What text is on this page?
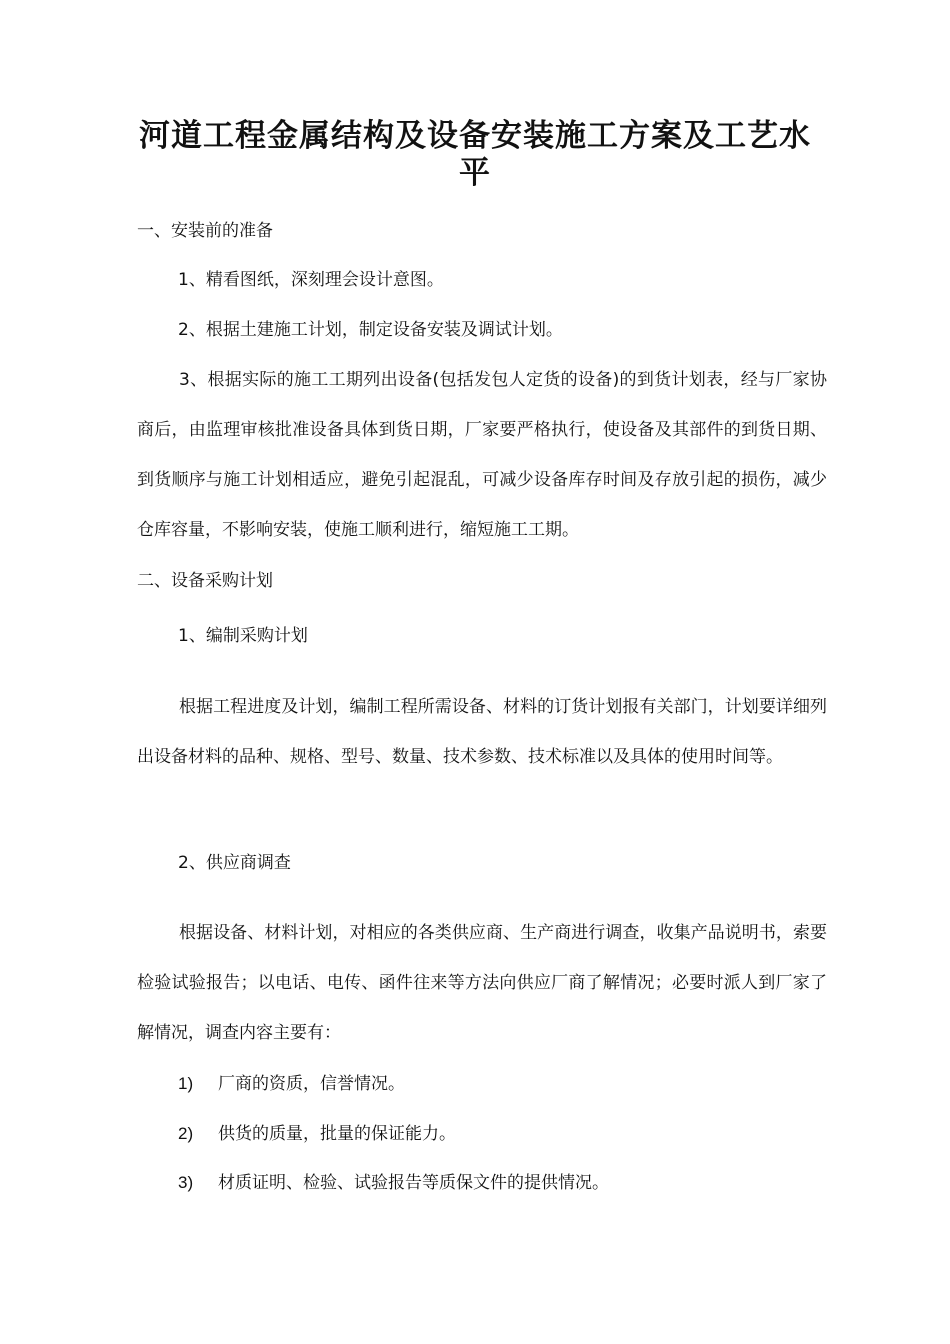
河道工程金属结构及设备安装施工方案及工艺水
平

一、安装前的准备

1、精看图纸，深刻理会设计意图。

2、根据土建施工计划，制定设备安装及调试计划。

3、根据实际的施工工期列出设备(包括发包人定货的设备)的到货计划表，经与厂家协商后，由监理审核批准设备具体到货日期，厂家要严格执行，使设备及其部件的到货日期、到货顺序与施工计划相适应，避免引起混乱，可减少设备库存时间及存放引起的损伤，减少仓库容量，不影响安装，使施工顺利进行，缩短施工工期。

二、设备采购计划

1、编制采购计划

根据工程进度及计划，编制工程所需设备、材料的订货计划报有关部门，计划要详细列出设备材料的品种、规格、型号、数量、技术参数、技术标准以及具体的使用时间等。

2、供应商调查

根据设备、材料计划，对相应的各类供应商、生产商进行调查，收集产品说明书，索要检验试验报告；以电话、电传、函件往来等方法向供应厂商了解情况；必要时派人到厂家了解情况，调查内容主要有：

1) 厂商的资质，信誉情况。
2) 供货的质量，批量的保证能力。
3) 材质证明、检验、试验报告等质保文件的提供情况。
